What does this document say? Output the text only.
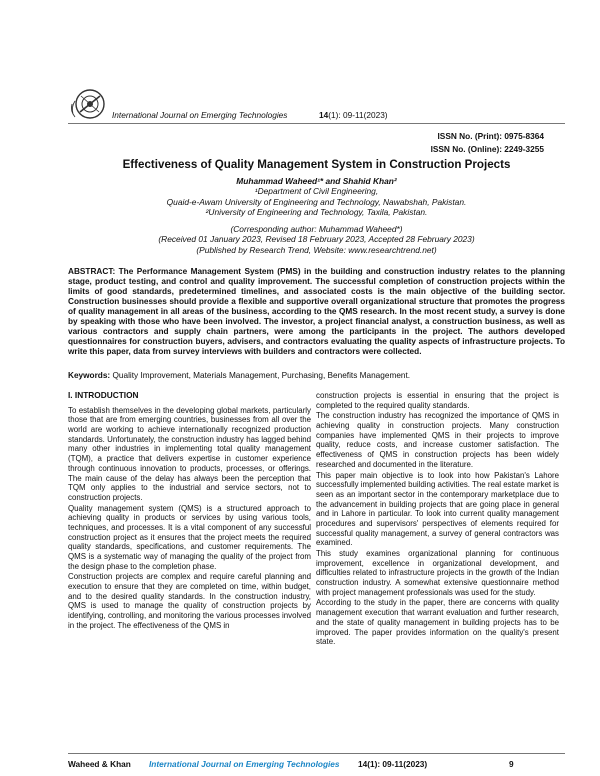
International Journal on Emerging Technologies	14(1): 09-11(2023)
ISSN No. (Print): 0975-8364
ISSN No. (Online): 2249-3255
Effectiveness of Quality Management System in Construction Projects
Muhammad Waheed¹* and Shahid Khan²
¹Department of Civil Engineering,
Quaid-e-Awam University of Engineering and Technology, Nawabshah, Pakistan.
²University of Engineering and Technology, Taxila, Pakistan.
(Corresponding author: Muhammad Waheed*)
(Received 01 January 2023, Revised 18 February 2023, Accepted 28 February 2023)
(Published by Research Trend, Website: www.researchtrend.net)
ABSTRACT: The Performance Management System (PMS) in the building and construction industry relates to the planning stage, product testing, and control and quality improvement. The successful completion of construction projects within the limits of good standards, predetermined timelines, and associated costs is the main objective of the building sector. Construction businesses should provide a flexible and supportive overall organizational structure that promotes the progress of quality management in all areas of the business, according to the QMS research. In the most recent study, a survey is done by speaking with those who have been involved. The investor, a project financial analyst, a construction business, as well as various contractors and supply chain partners, were among the participants in the project. The authors developed questionnaires for construction buyers, advisers, and contractors evaluating the quality aspects of infrastructure projects. To write this paper, data from survey interviews with builders and contractors were collected.
Keywords: Quality Improvement, Materials Management, Purchasing, Benefits Management.
I. INTRODUCTION

To establish themselves in the developing global markets, particularly those that are from emerging countries, businesses from all over the world are working to achieve internationally recognized production standards. Unfortunately, the construction industry has lagged behind many other industries in implementing total quality management (TQM), a practice that delivers expertise in customer experience through continuous innovation to products, processes, or offerings. The main cause of the delay has always been the perception that TQM only applies to the industrial and service sectors, not to construction projects.

Quality management system (QMS) is a structured approach to achieving quality in products or services by using various tools, techniques, and processes. It is a vital component of any successful construction project as it ensures that the project meets the required quality standards, specifications, and customer requirements. The QMS is a systematic way of managing the quality of the project from the design phase to the completion phase.

Construction projects are complex and require careful planning and execution to ensure that they are completed on time, within budget, and to the desired quality standards. In the construction industry, QMS is used to manage the quality of construction projects by identifying, controlling, and monitoring the various processes involved in the project. The effectiveness of the QMS in

construction projects is essential in ensuring that the project is completed to the required quality standards.

The construction industry has recognized the importance of QMS in achieving quality in construction projects. Many construction companies have implemented QMS in their projects to improve quality, reduce costs, and increase customer satisfaction. The effectiveness of QMS in construction projects has been widely researched and documented in the literature.

This paper main objective is to look into how Pakistan's Lahore successfully implemented building activities. The real estate market is seen as an important sector in the contemporary marketplace due to the advancement in building projects that are going place in general and in Lahore in particular. To look into current quality management procedures and supervisors' perspectives of elements required for successful quality management, a survey of general contractors was examined.

This study examines organizational planning for continuous improvement, excellence in organizational development, and difficulties related to infrastructure projects in the growth of the Indian construction industry. A somewhat extensive questionnaire method with project management professionals was used for the study.

According to the study in the paper, there are concerns with quality management execution that warrant evaluation and further research, and the state of quality management in building projects has to be improved. The paper provides information on the quality's present state.

Waheed & Khan International Journal on Emerging Technologies 14(1): 09-11(2023)	9
